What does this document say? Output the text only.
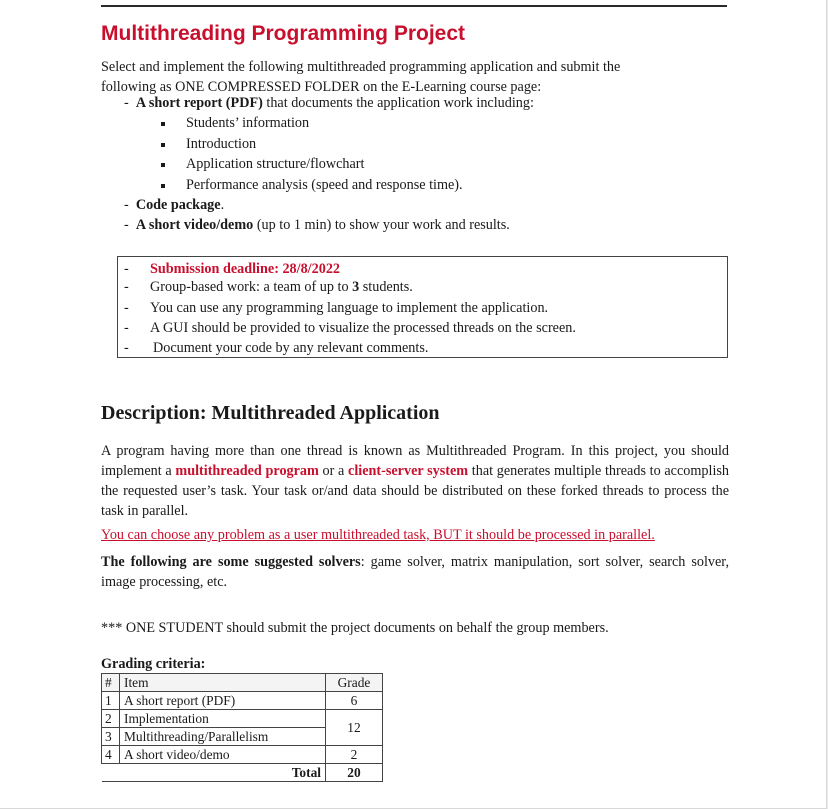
Multithreading Programming Project

Select and implement the following multithreaded programming application and submit the
following as ONE COMPRESSED FOLDER on the E-Learning course page:

-  A short report (PDF) that documents the application work including:
Students’ information
Introduction
Application structure/flowchart
Performance analysis (speed and response time).
-  Code package.
-  A short video/demo (up to 1 min) to show your work and results.
- Submission deadline: 28/8/2022
- Group-based work: a team of up to 3 students.
- You can use any programming language to implement the application.
- A GUI should be provided to visualize the processed threads on the screen.
- Document your code by any relevant comments.
Description: Multithreaded Application

A program having more than one thread is known as Multithreaded Program. In this project, you should implement a multithreaded program or a client-server system that generates multiple threads to accomplish the requested user’s task. Your task or/and data should be distributed on these forked threads to process the task in parallel.

You can choose any problem as a user multithreaded task, BUT it should be processed in parallel.

The following are some suggested solvers: game solver, matrix manipulation, sort solver, search solver, image processing, etc.

*** ONE STUDENT should submit the project documents on behalf the group members.

Grading criteria:

#	Item	Grade
1	A short report (PDF)	6
2	Implementation	12
3	Multithreading/Parallelism	
4	A short video/demo	2
Total		20
